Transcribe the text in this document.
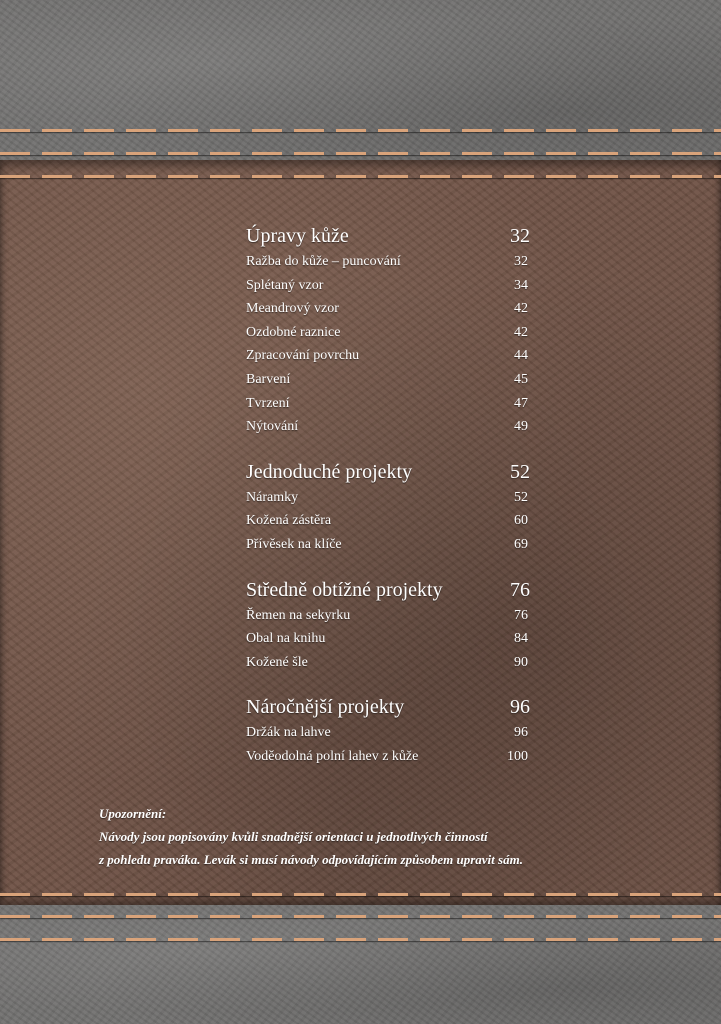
Úpravy kůže	32
Ražba do kůže – puncování	32
Splétaný vzor	34
Meandrový vzor	42
Ozdobné raznice	42
Zpracování povrchu	44
Barvení	45
Tvrzení	47
Nýtování	49
Jednoduché projekty	52
Náramky	52
Kožená zástěra	60
Přívěsek na klíče	69
Středně obtížné projekty	76
Řemen na sekyrku	76
Obal na knihu	84
Kožené šle	90
Náročnější projekty	96
Držák na lahve	96
Voděodolná polní lahev z kůže	100
Upozornění:
Návody jsou popisovány kvůli snadnější orientaci u jednotlivých činností
z pohledu praváka. Levák si musí návody odpovídajícím způsobem upravit sám.
